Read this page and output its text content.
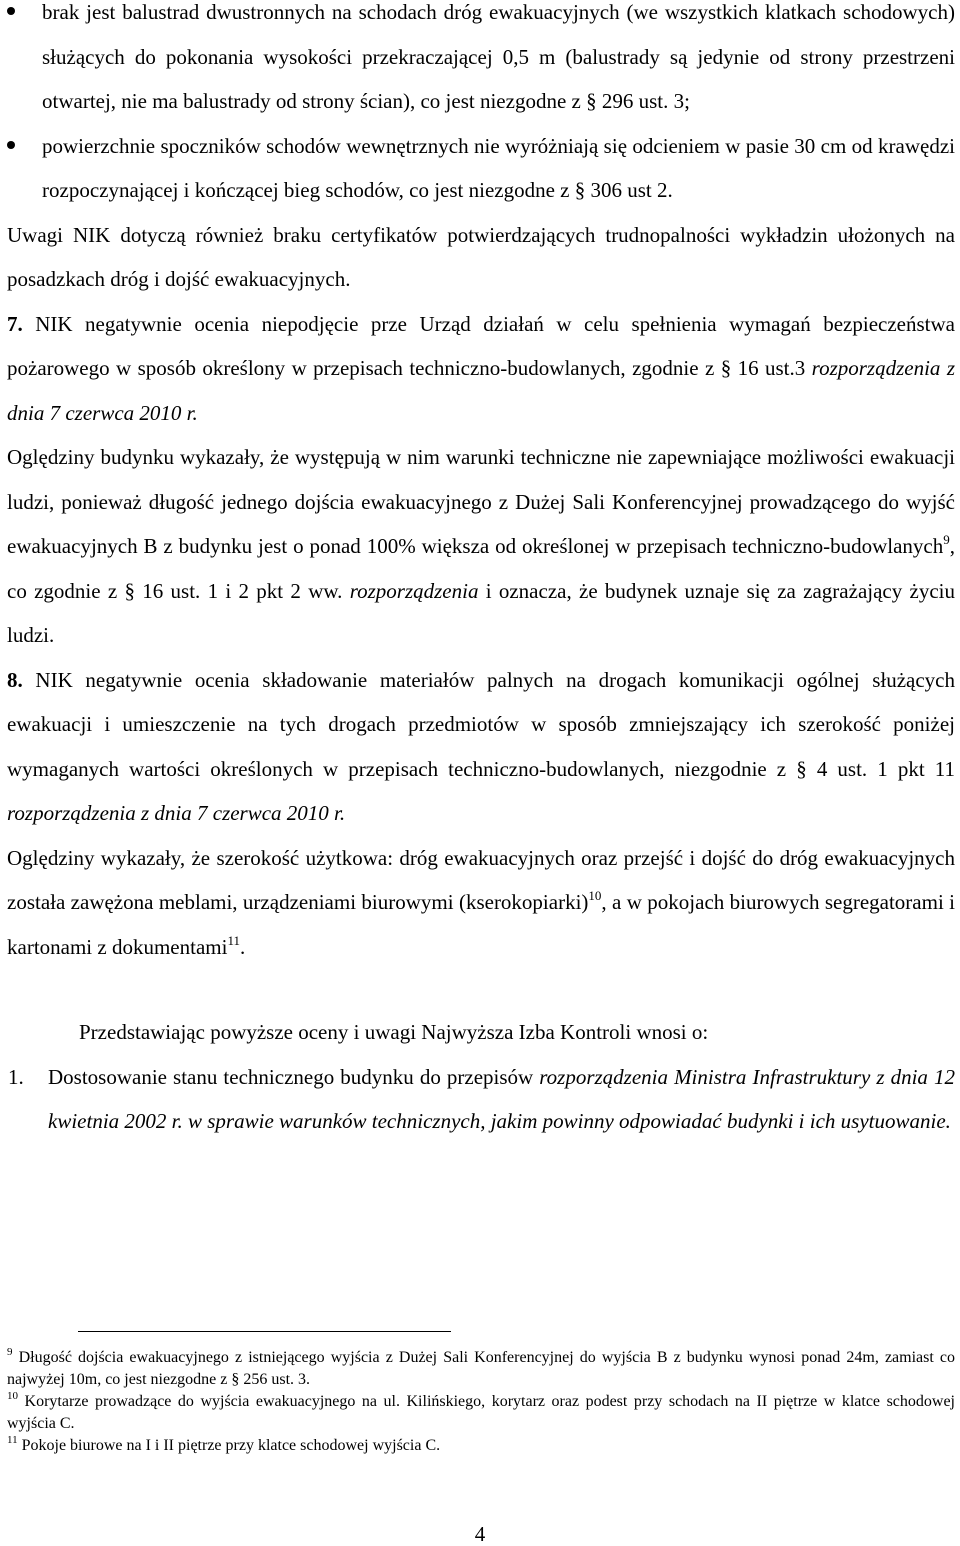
brak jest balustrad dwustronnych na schodach dróg ewakuacyjnych (we wszystkich klatkach schodowych) służących do pokonania wysokości przekraczającej 0,5 m (balustrady są jedynie od strony przestrzeni otwartej, nie ma balustrady od strony ścian), co jest niezgodne z § 296 ust. 3;

powierzchnie spoczników schodów wewnętrznych nie wyróżniają się odcieniem w pasie 30 cm od krawędzi rozpoczynającej i kończącej bieg schodów, co jest niezgodne z § 306 ust 2.

Uwagi NIK dotyczą również braku certyfikatów potwierdzających trudnopalności wykładzin ułożonych na posadzkach dróg i dojść ewakuacyjnych.

7. NIK negatywnie ocenia niepodjęcie prze Urząd działań w celu spełnienia wymagań bezpieczeństwa pożarowego w sposób określony w przepisach techniczno-budowlanych, zgodnie z § 16 ust.3 rozporządzenia z dnia 7 czerwca 2010 r.

Oględziny budynku wykazały, że występują w nim warunki techniczne nie zapewniające możliwości ewakuacji ludzi, ponieważ długość jednego dojścia ewakuacyjnego z Dużej Sali Konferencyjnej prowadzącego do wyjść ewakuacyjnych B z budynku jest o ponad 100% większa od określonej w przepisach techniczno-budowlanych$^9$, co zgodnie z § 16 ust. 1 i 2 pkt 2 ww. rozporządzenia i oznacza, że budynek uznaje się za zagrażający życiu ludzi.

8. NIK negatywnie ocenia składowanie materiałów palnych na drogach komunikacji ogólnej służących ewakuacji i umieszczenie na tych drogach przedmiotów w sposób zmniejszający ich szerokość poniżej wymaganych wartości określonych w przepisach techniczno-budowlanych, niezgodnie z § 4 ust. 1 pkt 11 rozporządzenia z dnia 7 czerwca 2010 r.

Oględziny wykazały, że szerokość użytkowa: dróg ewakuacyjnych oraz przejść i dojść do dróg ewakuacyjnych została zawężona meblami, urządzeniami biurowymi (kserokopiarki)$^{10}$, a w pokojach biurowych segregatorami i kartonami z dokumentami$^{11}$.

Przedstawiając powyższe oceny i uwagi Najwyższa Izba Kontroli wnosi o:

1. Dostosowanie stanu technicznego budynku do przepisów rozporządzenia Ministra Infrastruktury z dnia 12 kwietnia 2002 r. w sprawie warunków technicznych, jakim powinny odpowiadać budynki i ich usytuowanie.

$^9$ Długość dojścia ewakuacyjnego z istniejącego wyjścia z Dużej Sali Konferencyjnej do wyjścia B z budynku wynosi ponad 24m, zamiast co najwyżej 10m, co jest niezgodne z § 256 ust. 3.

$^{10}$ Korytarze prowadzące do wyjścia ewakuacyjnego na ul. Kilińskiego, korytarz oraz podest przy schodach na II piętrze w klatce schodowej wyjścia C.

$^{11}$ Pokoje biurowe na I i II piętrze przy klatce schodowej wyjścia C.

4
